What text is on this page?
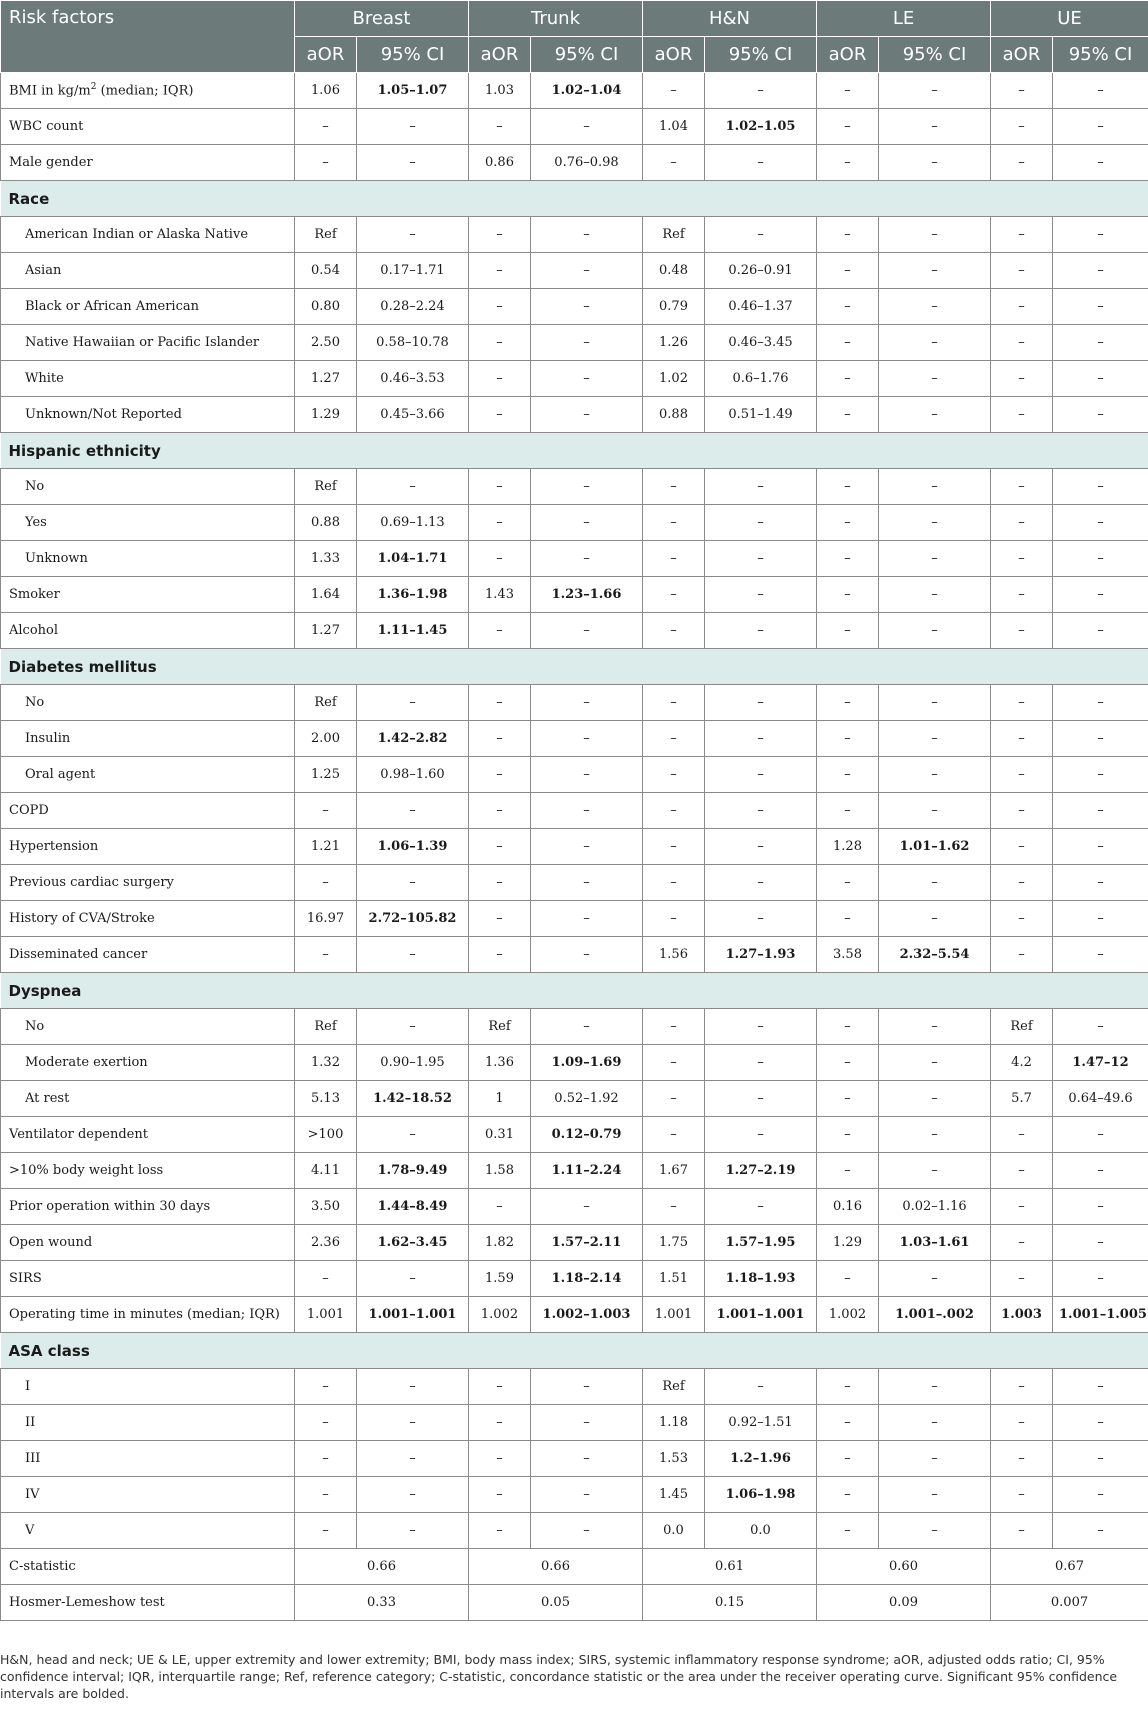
Risk factors	Breast		Trunk		H&N		LE		UE	
	aOR	95% CI	aOR	95% CI	aOR	95% CI	aOR	95% CI	aOR	95% CI
BMI in $kg/m^2$ (median; IQR)	1.06	1.05–1.07	1.03	1.02–1.04	–	–	–	–	–	–
WBC count	–	–	–	–	1.04	1.02–1.05	–	–	–	–
Male gender	–	–	0.86	0.76–0.98	–	–	–	–	–	–
Race										
American Indian or Alaska Native	Ref	–	–	–	Ref	–	–	–	–	–
Asian	0.54	0.17–1.71	–	–	0.48	0.26–0.91	–	–	–	–
Black or African American	0.80	0.28–2.24	–	–	0.79	0.46–1.37	–	–	–	–
Native Hawaiian or Pacific Islander	2.50	0.58–10.78	–	–	1.26	0.46–3.45	–	–	–	–
White	1.27	0.46–3.53	–	–	1.02	0.6–1.76	–	–	–	–
Unknown/Not Reported	1.29	0.45–3.66	–	–	0.88	0.51–1.49	–	–	–	–
Hispanic ethnicity										
No	Ref	–	–	–	–	–	–	–	–	–
Yes	0.88	0.69–1.13	–	–	–	–	–	–	–	–
Unknown	1.33	1.04–1.71	–	–	–	–	–	–	–	–
Smoker	1.64	1.36–1.98	1.43	1.23–1.66	–	–	–	–	–	–
Alcohol	1.27	1.11–1.45	–	–	–	–	–	–	–	–
Diabetes mellitus										
No	Ref	–	–	–	–	–	–	–	–	–
Insulin	2.00	1.42–2.82	–	–	–	–	–	–	–	–
Oral agent	1.25	0.98–1.60	–	–	–	–	–	–	–	–
COPD	–	–	–	–	–	–	–	–	–	–
Hypertension	1.21	1.06–1.39	–	–	–	–	1.28	1.01–1.62	–	–
Previous cardiac surgery	–	–	–	–	–	–	–	–	–	–
History of CVA/Stroke	16.97	2.72–105.82	–	–	–	–	–	–	–	–
Disseminated cancer	–	–	–	–	1.56	1.27–1.93	3.58	2.32–5.54	–	–
Dyspnea										
No	Ref	–	Ref	–	–	–	–	–	Ref	–
Moderate exertion	1.32	0.90–1.95	1.36	1.09–1.69	–	–	–	–	4.2	1.47–12
At rest	5.13	1.42–18.52	1	0.52–1.92	–	–	–	–	5.7	0.64–49.6
Ventilator dependent	>100	–	0.31	0.12–0.79	–	–	–	–	–	–
>10% body weight loss	4.11	1.78–9.49	1.58	1.11–2.24	1.67	1.27–2.19	–	–	–	–
Prior operation within 30 days	3.50	1.44–8.49	–	–	–	–	0.16	0.02–1.16	–	–
Open wound	2.36	1.62–3.45	1.82	1.57–2.11	1.75	1.57–1.95	1.29	1.03–1.61	–	–
SIRS	–	–	1.59	1.18–2.14	1.51	1.18–1.93	–	–	–	–
Operating time in minutes (median; IQR)	1.001	1.001–1.001	1.002	1.002–1.003	1.001	1.001–1.001	1.002	1.001–.002	1.003	1.001–1.005
ASA class										
I	–	–	–	–	Ref	–	–	–	–	–
II	–	–	–	–	1.18	0.92–1.51	–	–	–	–
III	–	–	–	–	1.53	1.2–1.96	–	–	–	–
IV	–	–	–	–	1.45	1.06–1.98	–	–	–	–
V	–	–	–	–	0.0	0.0	–	–	–	–
C-statistic	0.66		0.66		0.61		0.60		0.67	
Hosmer-Lemeshow test	0.33		0.05		0.15		0.09		0.007	
H&N, head and neck; UE & LE, upper extremity and lower extremity; BMI, body mass index; SIRS, systemic inflammatory response syndrome; aOR, adjusted odds ratio; CI, 95% confidence interval; IQR, interquartile range; Ref, reference category; C-statistic, concordance statistic or the area under the receiver operating curve. Significant 95% confidence intervals are bolded.
